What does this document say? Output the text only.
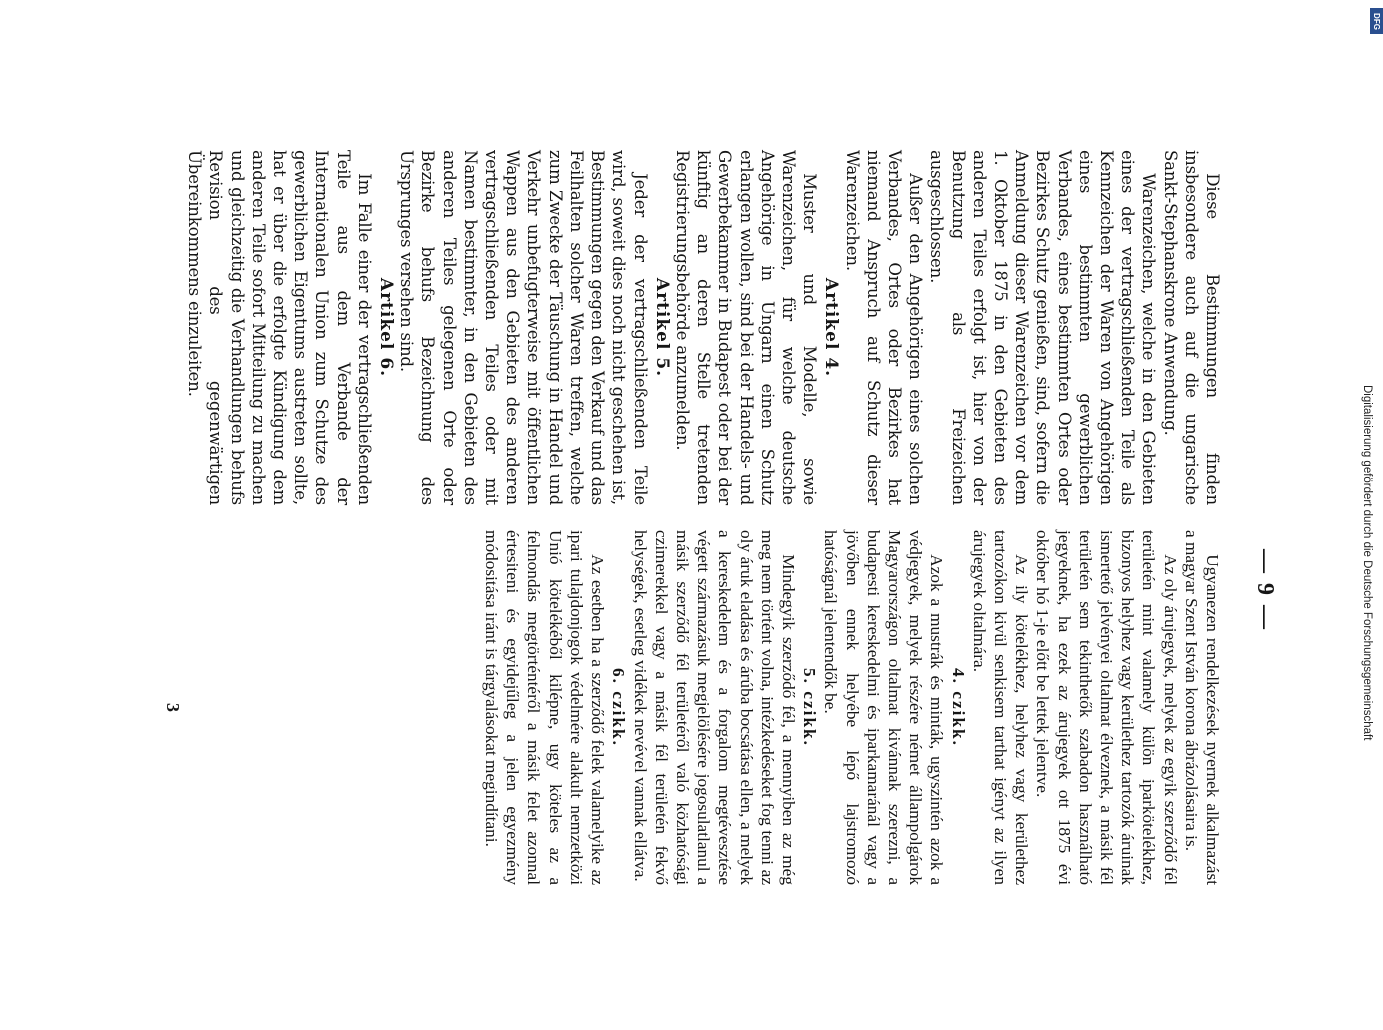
— 9 —

Diese Bestimmungen finden insbesondere auch auf die ungarische Sankt-Stephanskrone Anwendung.

Warenzeichen, welche in den Gebieten eines der vertragschließenden Teile als Kennzeichen der Waren von Angehörigen eines bestimmten gewerblichen Verbandes, eines bestimmten Ortes oder Bezirkes Schutz genießen, sind, sofern die Anmeldung dieser Warenzeichen vor dem 1. Oktober 1875 in den Gebieten des anderen Teiles erfolgt ist, hier von der Benutzung als Freizeichen ausgeschlossen.

Außer den Angehörigen eines solchen Verbandes, Ortes oder Bezirkes hat niemand Anspruch auf Schutz dieser Warenzeichen.

Artikel 4.

Muster und Modelle, sowie Warenzeichen, für welche deutsche Angehörige in Ungarn einen Schutz erlangen wollen, sind bei der Handels- und Gewerbekammer in Budapest oder bei der künftig an deren Stelle tretenden Registrierungsbehörde anzumelden.

Artikel 5.

Jeder der vertragschließenden Teile wird, soweit dies noch nicht geschehen ist, Bestimmungen gegen den Verkauf und das Feilhalten solcher Waren treffen, welche zum Zwecke der Täuschung in Handel und Verkehr unbefugterweise mit öffentlichen Wappen aus den Gebieten des anderen vertragschließenden Teiles oder mit Namen bestimmter, in den Gebieten des anderen Teiles gelegenen Orte oder Bezirke behufs Bezeichnung des Ursprunges versehen sind.

Artikel 6.

Im Falle einer der vertragschließenden Teile aus dem Verbande der Internationalen Union zum Schutze des gewerblichen Eigentums austreten sollte, hat er über die erfolgte Kündigung dem anderen Teile sofort Mitteilung zu machen und gleichzeitig die Verhandlungen behufs Revision des gegenwärtigen Übereinkommens einzuleiten.

Ugyanezen rendelkezések nyernek alkalmazást a magyar Szent István korona ábrázolásaira is.

Az oly árujegyek, melyek az egyik szerződő fél területén mint valamely külön iparkötelékhez, bizonyos helyhez vagy kerülethez tartozók áruinak ismertető jelvényei oltalmat élveznek, a másik fél területén sem tekinthetők szabadon használható jegyeknek, ha ezek az árujegyek ott 1875 évi október hó 1-je előtt be lettek jelentve.

Az ily kötelékhez, helyhez vagy kerülethez tartozókon kivül senkisem tarthat igényt az ilyen árujegyek oltalmára.

4. czikk.

Azok a mustrák és minták, ugyszintén azok a védjegyek, melyek részére német állampolgárok Magyarországon oltalmat kivánnak szerezni, a budapesti kereskedelmi és iparkamaránál vagy a jövőben ennek helyébe lépő lajstromozó hatóságnál jelentendők be.

5. czikk.

Mindegyik szerződő fél, a mennyiben az még meg nem történt volna, intézkedéseket fog tenni az oly áruk eladása és árúba bocsátása ellen, a melyek a kereskedelem és a forgalom megtévesztése végett származásuk megjelölésére jogosulatlanul a másik szerződő fél területéről való közhatósági czimerekkel vagy a másik fél területén fekvő helységek, esetleg vidékek nevével vannak ellátva.

6. czikk.

Az esetben ha a szerződő felek valamelyike az ipari tulajdonjogok védelmére alakult nemzetközi Unió kötelékéből kilépne, ugy köteles az a felmondás megtörténtéről a másik felet azonnal értesiteni és egyidejűleg a jelen egyezmény módositása iránt is tárgyalásokat megindítani.

3	Digitalisierung gefördert durch die Deutsche Forschungsgemeinschaft
DFG
